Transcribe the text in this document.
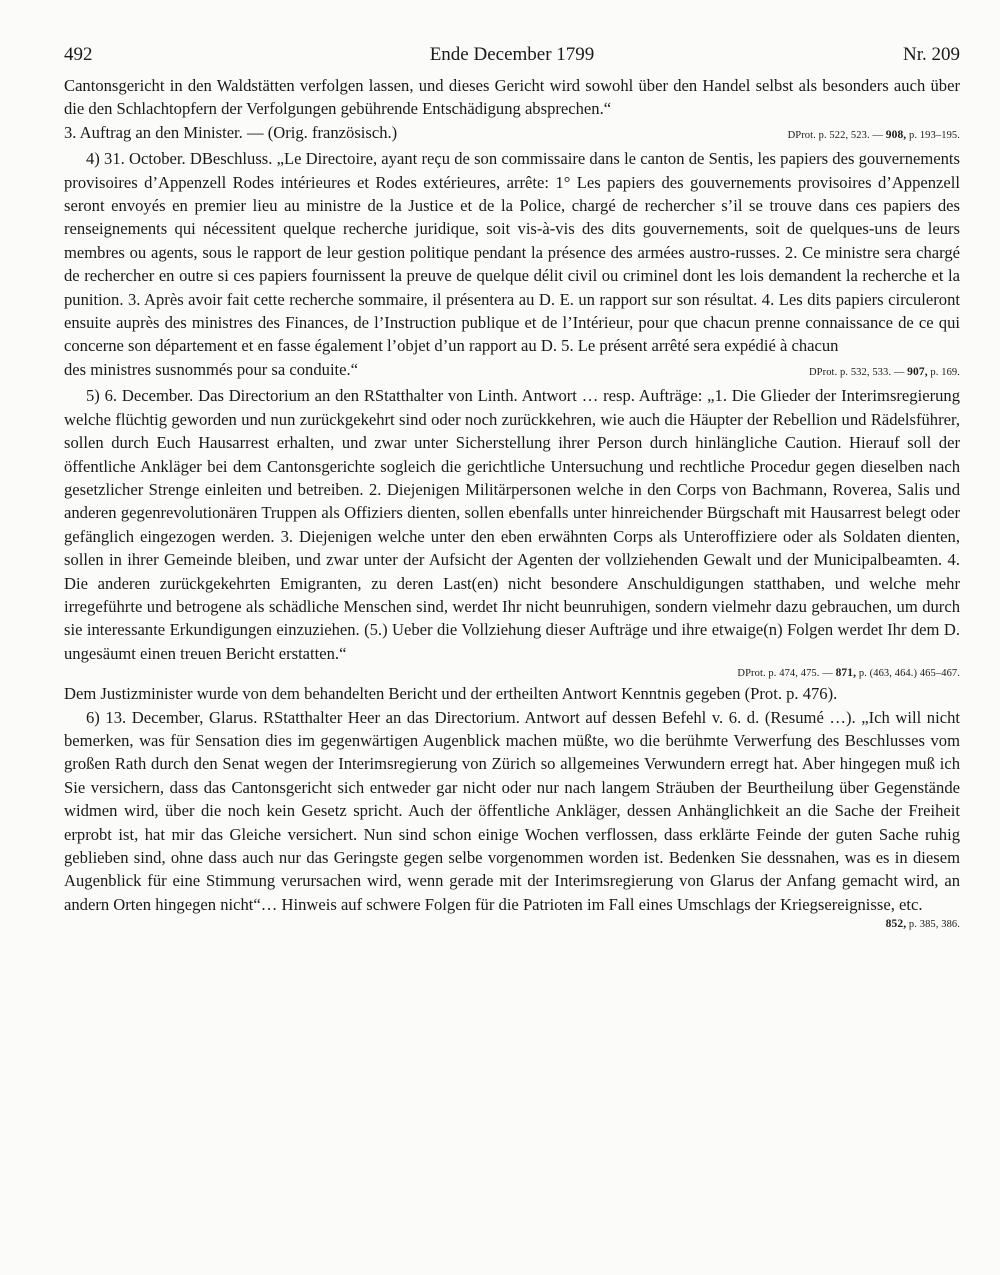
492	Ende December 1799	Nr. 209

Cantonsgericht in den Waldstätten verfolgen lassen, und dieses Gericht wird sowohl über den Handel selbst als besonders auch über die den Schlachtopfern der Verfolgungen gebührende Entschädigung absprechen.“

3. Auftrag an den Minister. — (Orig. französisch.)	DProt. p. 522, 523. — 908, p. 193–195.

4) 31. October. DBeschluss. „Le Directoire, ayant reçu de son commissaire dans le canton de Sentis, les papiers des gouvernements provisoires d’Appenzell Rodes intérieures et Rodes extérieures, arrête: 1° Les papiers des gouvernements provisoires d’Appenzell seront envoyés en premier lieu au ministre de la Justice et de la Police, chargé de rechercher s’il se trouve dans ces papiers des renseignements qui nécessitent quelque recherche juridique, soit vis-à-vis des dits gouvernements, soit de quelques-uns de leurs membres ou agents, sous le rapport de leur gestion politique pendant la présence des armées austro-russes. 2. Ce ministre sera chargé de rechercher en outre si ces papiers fournissent la preuve de quelque délit civil ou criminel dont les lois demandent la recherche et la punition. 3. Après avoir fait cette recherche sommaire, il présentera au D. E. un rapport sur son résultat. 4. Les dits papiers circuleront ensuite auprès des ministres des Finances, de l’Instruction publique et de l’Intérieur, pour que chacun prenne connaissance de ce qui concerne son département et en fasse également l’objet d’un rapport au D. 5. Le présent arrêté sera expédié à chacun

des ministres susnommés pour sa conduite.“	DProt. p. 532, 533. — 907, p. 169.

5) 6. December. Das Directorium an den RStatthalter von Linth. Antwort … resp. Aufträge: „1. Die Glieder der Interimsregierung welche flüchtig geworden und nun zurückgekehrt sind oder noch zurückkehren, wie auch die Häupter der Rebellion und Rädelsführer, sollen durch Euch Hausarrest erhalten, und zwar unter Sicherstellung ihrer Person durch hinlängliche Caution. Hierauf soll der öffentliche Ankläger bei dem Cantonsgerichte sogleich die gerichtliche Untersuchung und rechtliche Procedur gegen dieselben nach gesetzlicher Strenge einleiten und betreiben. 2. Diejenigen Militärpersonen welche in den Corps von Bachmann, Roverea, Salis und anderen gegenrevolutionären Truppen als Offiziers dienten, sollen ebenfalls unter hinreichender Bürgschaft mit Hausarrest belegt oder gefänglich eingezogen werden. 3. Diejenigen welche unter den eben erwähnten Corps als Unteroffiziere oder als Soldaten dienten, sollen in ihrer Gemeinde bleiben, und zwar unter der Aufsicht der Agenten der vollziehenden Gewalt und der Municipalbeamten. 4. Die anderen zurückgekehrten Emigranten, zu deren Last(en) nicht besondere Anschuldigungen statthaben, und welche mehr irregeführte und betrogene als schädliche Menschen sind, werdet Ihr nicht beunruhigen, sondern vielmehr dazu gebrauchen, um durch sie interessante Erkundigungen einzuziehen. (5.) Ueber die Vollziehung dieser Aufträge und ihre etwaige(n) Folgen werdet Ihr dem D. ungesäumt einen treuen Bericht erstatten.“

DProt. p. 474, 475. — 871, p. (463, 464.) 465–467.

Dem Justizminister wurde von dem behandelten Bericht und der ertheilten Antwort Kenntnis gegeben (Prot. p. 476).

6) 13. December, Glarus. RStatthalter Heer an das Directorium. Antwort auf dessen Befehl v. 6. d. (Resumé …). „Ich will nicht bemerken, was für Sensation dies im gegenwärtigen Augenblick machen müßte, wo die berühmte Verwerfung des Beschlusses vom großen Rath durch den Senat wegen der Interimsregierung von Zürich so allgemeines Verwundern erregt hat. Aber hingegen muß ich Sie versichern, dass das Cantonsgericht sich entweder gar nicht oder nur nach langem Sträuben der Beurtheilung über Gegenstände widmen wird, über die noch kein Gesetz spricht. Auch der öffentliche Ankläger, dessen Anhänglichkeit an die Sache der Freiheit erprobt ist, hat mir das Gleiche versichert. Nun sind schon einige Wochen verflossen, dass erklärte Feinde der guten Sache ruhig geblieben sind, ohne dass auch nur das Geringste gegen selbe vorgenommen worden ist. Bedenken Sie dessnahen, was es in diesem Augenblick für eine Stimmung verursachen wird, wenn gerade mit der Interimsregierung von Glarus der Anfang gemacht wird, an andern Orten hingegen nicht“… Hinweis auf schwere Folgen für die Patrioten im Fall eines Umschlags der Kriegsereignisse, etc.

852, p. 385, 386.
